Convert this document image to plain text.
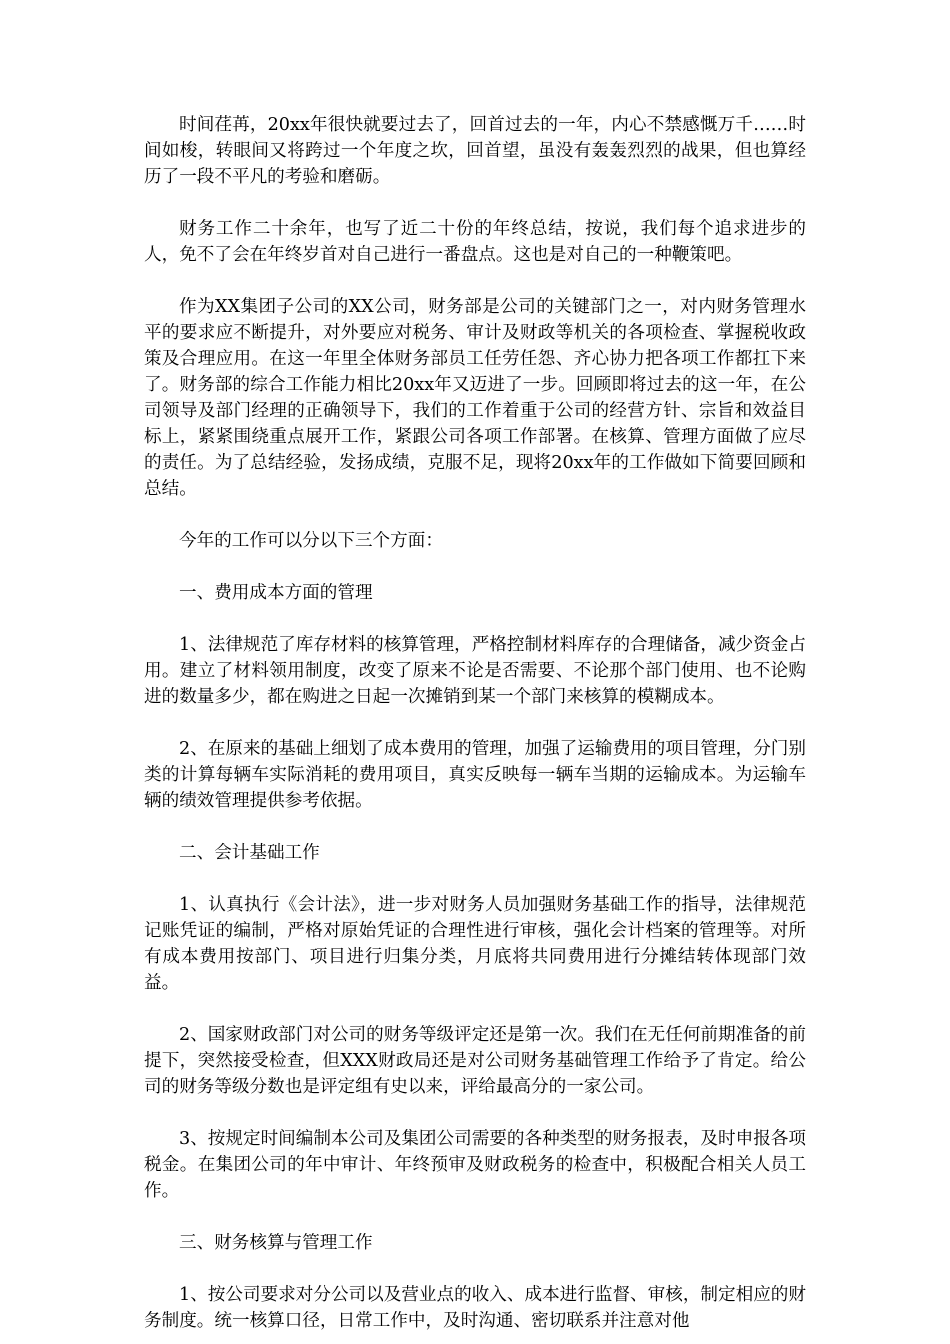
时间荏苒，20xx年很快就要过去了，回首过去的一年，内心不禁感慨万千……时间如梭，转眼间又将跨过一个年度之坎，回首望，虽没有轰轰烈烈的战果，但也算经历了一段不平凡的考验和磨砺。

财务工作二十余年，也写了近二十份的年终总结，按说，我们每个追求进步的人，免不了会在年终岁首对自己进行一番盘点。这也是对自己的一种鞭策吧。

作为XX集团子公司的XX公司，财务部是公司的关键部门之一，对内财务管理水平的要求应不断提升，对外要应对税务、审计及财政等机关的各项检查、掌握税收政策及合理应用。在这一年里全体财务部员工任劳任怨、齐心协力把各项工作都扛下来了。财务部的综合工作能力相比20xx年又迈进了一步。回顾即将过去的这一年，在公司领导及部门经理的正确领导下，我们的工作着重于公司的经营方针、宗旨和效益目标上，紧紧围绕重点展开工作，紧跟公司各项工作部署。在核算、管理方面做了应尽的责任。为了总结经验，发扬成绩，克服不足，现将20xx年的工作做如下简要回顾和总结。

今年的工作可以分以下三个方面：

一、费用成本方面的管理

1、法律规范了库存材料的核算管理，严格控制材料库存的合理储备，减少资金占用。建立了材料领用制度，改变了原来不论是否需要、不论那个部门使用、也不论购进的数量多少，都在购进之日起一次摊销到某一个部门来核算的模糊成本。

2、在原来的基础上细划了成本费用的管理，加强了运输费用的项目管理，分门别类的计算每辆车实际消耗的费用项目，真实反映每一辆车当期的运输成本。为运输车辆的绩效管理提供参考依据。

二、会计基础工作

1、认真执行《会计法》，进一步对财务人员加强财务基础工作的指导，法律规范记账凭证的编制，严格对原始凭证的合理性进行审核，强化会计档案的管理等。对所有成本费用按部门、项目进行归集分类，月底将共同费用进行分摊结转体现部门效益。

2、国家财政部门对公司的财务等级评定还是第一次。我们在无任何前期准备的前提下，突然接受检查，但XXX财政局还是对公司财务基础管理工作给予了肯定。给公司的财务等级分数也是评定组有史以来，评给最高分的一家公司。

3、按规定时间编制本公司及集团公司需要的各种类型的财务报表，及时申报各项税金。在集团公司的年中审计、年终预审及财政税务的检查中，积极配合相关人员工作。

三、财务核算与管理工作

1、按公司要求对分公司以及营业点的收入、成本进行监督、审核，制定相应的财务制度。统一核算口径，日常工作中，及时沟通、密切联系并注意对他
